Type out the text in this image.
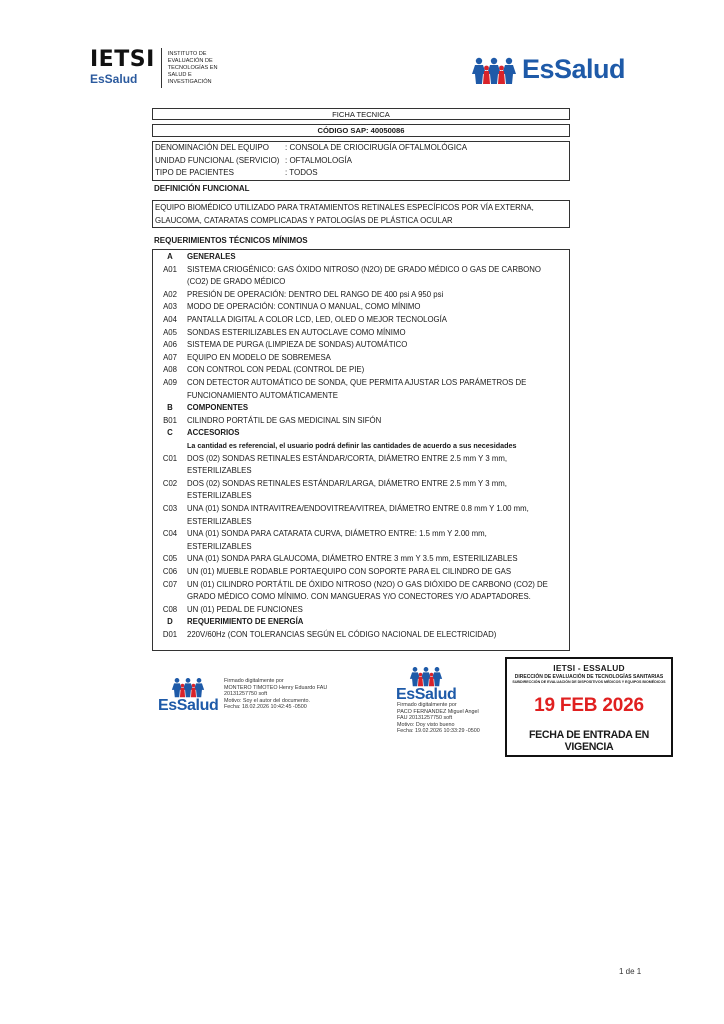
IETSI
EsSalud
INSTITUTO DE EVALUACIÓN DE TECNOLOGÍAS EN SALUD E INVESTIGACIÓN	EsSalud
FICHA TECNICA
CÓDIGO SAP: 40050086
DENOMINACIÓN DEL EQUIPO	: CONSOLA DE CRIOCIRUGÍA OFTALMOLÓGICA
UNIDAD FUNCIONAL (SERVICIO) : OFTALMOLOGÍA
TIPO DE PACIENTES	: TODOS
DEFINICIÓN FUNCIONAL
EQUIPO BIOMÉDICO UTILIZADO PARA TRATAMIENTOS RETINALES ESPECÍFICOS POR VÍA EXTERNA,
GLAUCOMA, CATARATAS COMPLICADAS Y PATOLOGÍAS DE PLÁSTICA OCULAR
REQUERIMIENTOS TÉCNICOS MÍNIMOS
A	GENERALES
A01	SISTEMA CRIOGÉNICO: GAS ÓXIDO NITROSO (N2O) DE GRADO MÉDICO O GAS DE CARBONO
(CO2) DE GRADO MÉDICO
A02	PRESIÓN DE OPERACIÓN: DENTRO DEL RANGO DE 400 psi A 950 psi
A03	MODO DE OPERACIÓN: CONTINUA O MANUAL, COMO MÍNIMO
A04	PANTALLA DIGITAL A COLOR LCD, LED, OLED O MEJOR TECNOLOGÍA
A05	SONDAS ESTERILIZABLES EN AUTOCLAVE COMO MÍNIMO
A06	SISTEMA DE PURGA (LIMPIEZA DE SONDAS) AUTOMÁTICO
A07	EQUIPO EN MODELO DE SOBREMESA
A08	CON CONTROL CON PEDAL (CONTROL DE PIE)
A09	CON DETECTOR AUTOMÁTICO DE SONDA, QUE PERMITA AJUSTAR LOS PARÁMETROS DE
FUNCIONAMIENTO AUTOMÁTICAMENTE
B	COMPONENTES
B01	CILINDRO PORTÁTIL DE GAS MEDICINAL SIN SIFÓN
C	ACCESORIOS
La cantidad es referencial, el usuario podrá definir las cantidades de acuerdo a sus necesidades
C01	DOS (02) SONDAS RETINALES ESTÁNDAR/CORTA, DIÁMETRO ENTRE 2.5 mm Y 3 mm,
ESTERILIZABLES
C02	DOS (02) SONDAS RETINALES ESTÁNDAR/LARGA, DIÁMETRO ENTRE 2.5 mm Y 3 mm,
ESTERILIZABLES
C03	UNA (01) SONDA INTRAVITREA/ENDOVITREA/VITREA, DIÁMETRO ENTRE 0.8 mm Y 1.00 mm,
ESTERILIZABLES
C04	UNA (01) SONDA PARA CATARATA CURVA, DIÁMETRO ENTRE: 1.5 mm Y 2.00 mm,
ESTERILIZABLES
C05	UNA (01) SONDA PARA GLAUCOMA, DIÁMETRO ENTRE 3 mm Y 3.5 mm, ESTERILIZABLES
C06	UN (01) MUEBLE RODABLE PORTAEQUIPO CON SOPORTE PARA EL CILINDRO DE GAS
C07	UN (01) CILINDRO PORTÁTIL DE ÓXIDO NITROSO (N2O) O GAS DIÓXIDO DE CARBONO (CO2) DE
GRADO MÉDICO COMO MÍNIMO. CON MANGUERAS Y/O CONECTORES Y/O ADAPTADORES.
C08	UN (01) PEDAL DE FUNCIONES
D	REQUERIMIENTO DE ENERGÍA
D01	220V/60Hz (CON TOLERANCIAS SEGÚN EL CÓDIGO NACIONAL DE ELECTRICIDAD)
EsSalud
Firmado digitalmente por
MONTERO TIMOTEO Henry Eduardo FAU
20131257750 soft
Motivo: Soy el autor del documento.
Fecha: 18.02.2026 10:42:45 -0500
EsSalud
Firmado digitalmente por
PACO FERNANDEZ Miguel Angel
FAU 20131257750 soft
Motivo: Doy visto bueno
Fecha: 19.02.2026 10:33:29 -0500
IETSI - ESSALUD
DIRECCIÓN DE EVALUACIÓN DE TECNOLOGÍAS SANITARIAS
SUBDIRECCIÓN DE EVALUACIÓN DE DISPOSITIVOS MÉDICOS Y EQUIPOS BIOMÉDICOS
19 FEB 2026
FECHA DE ENTRADA EN VIGENCIA
1 de 1
